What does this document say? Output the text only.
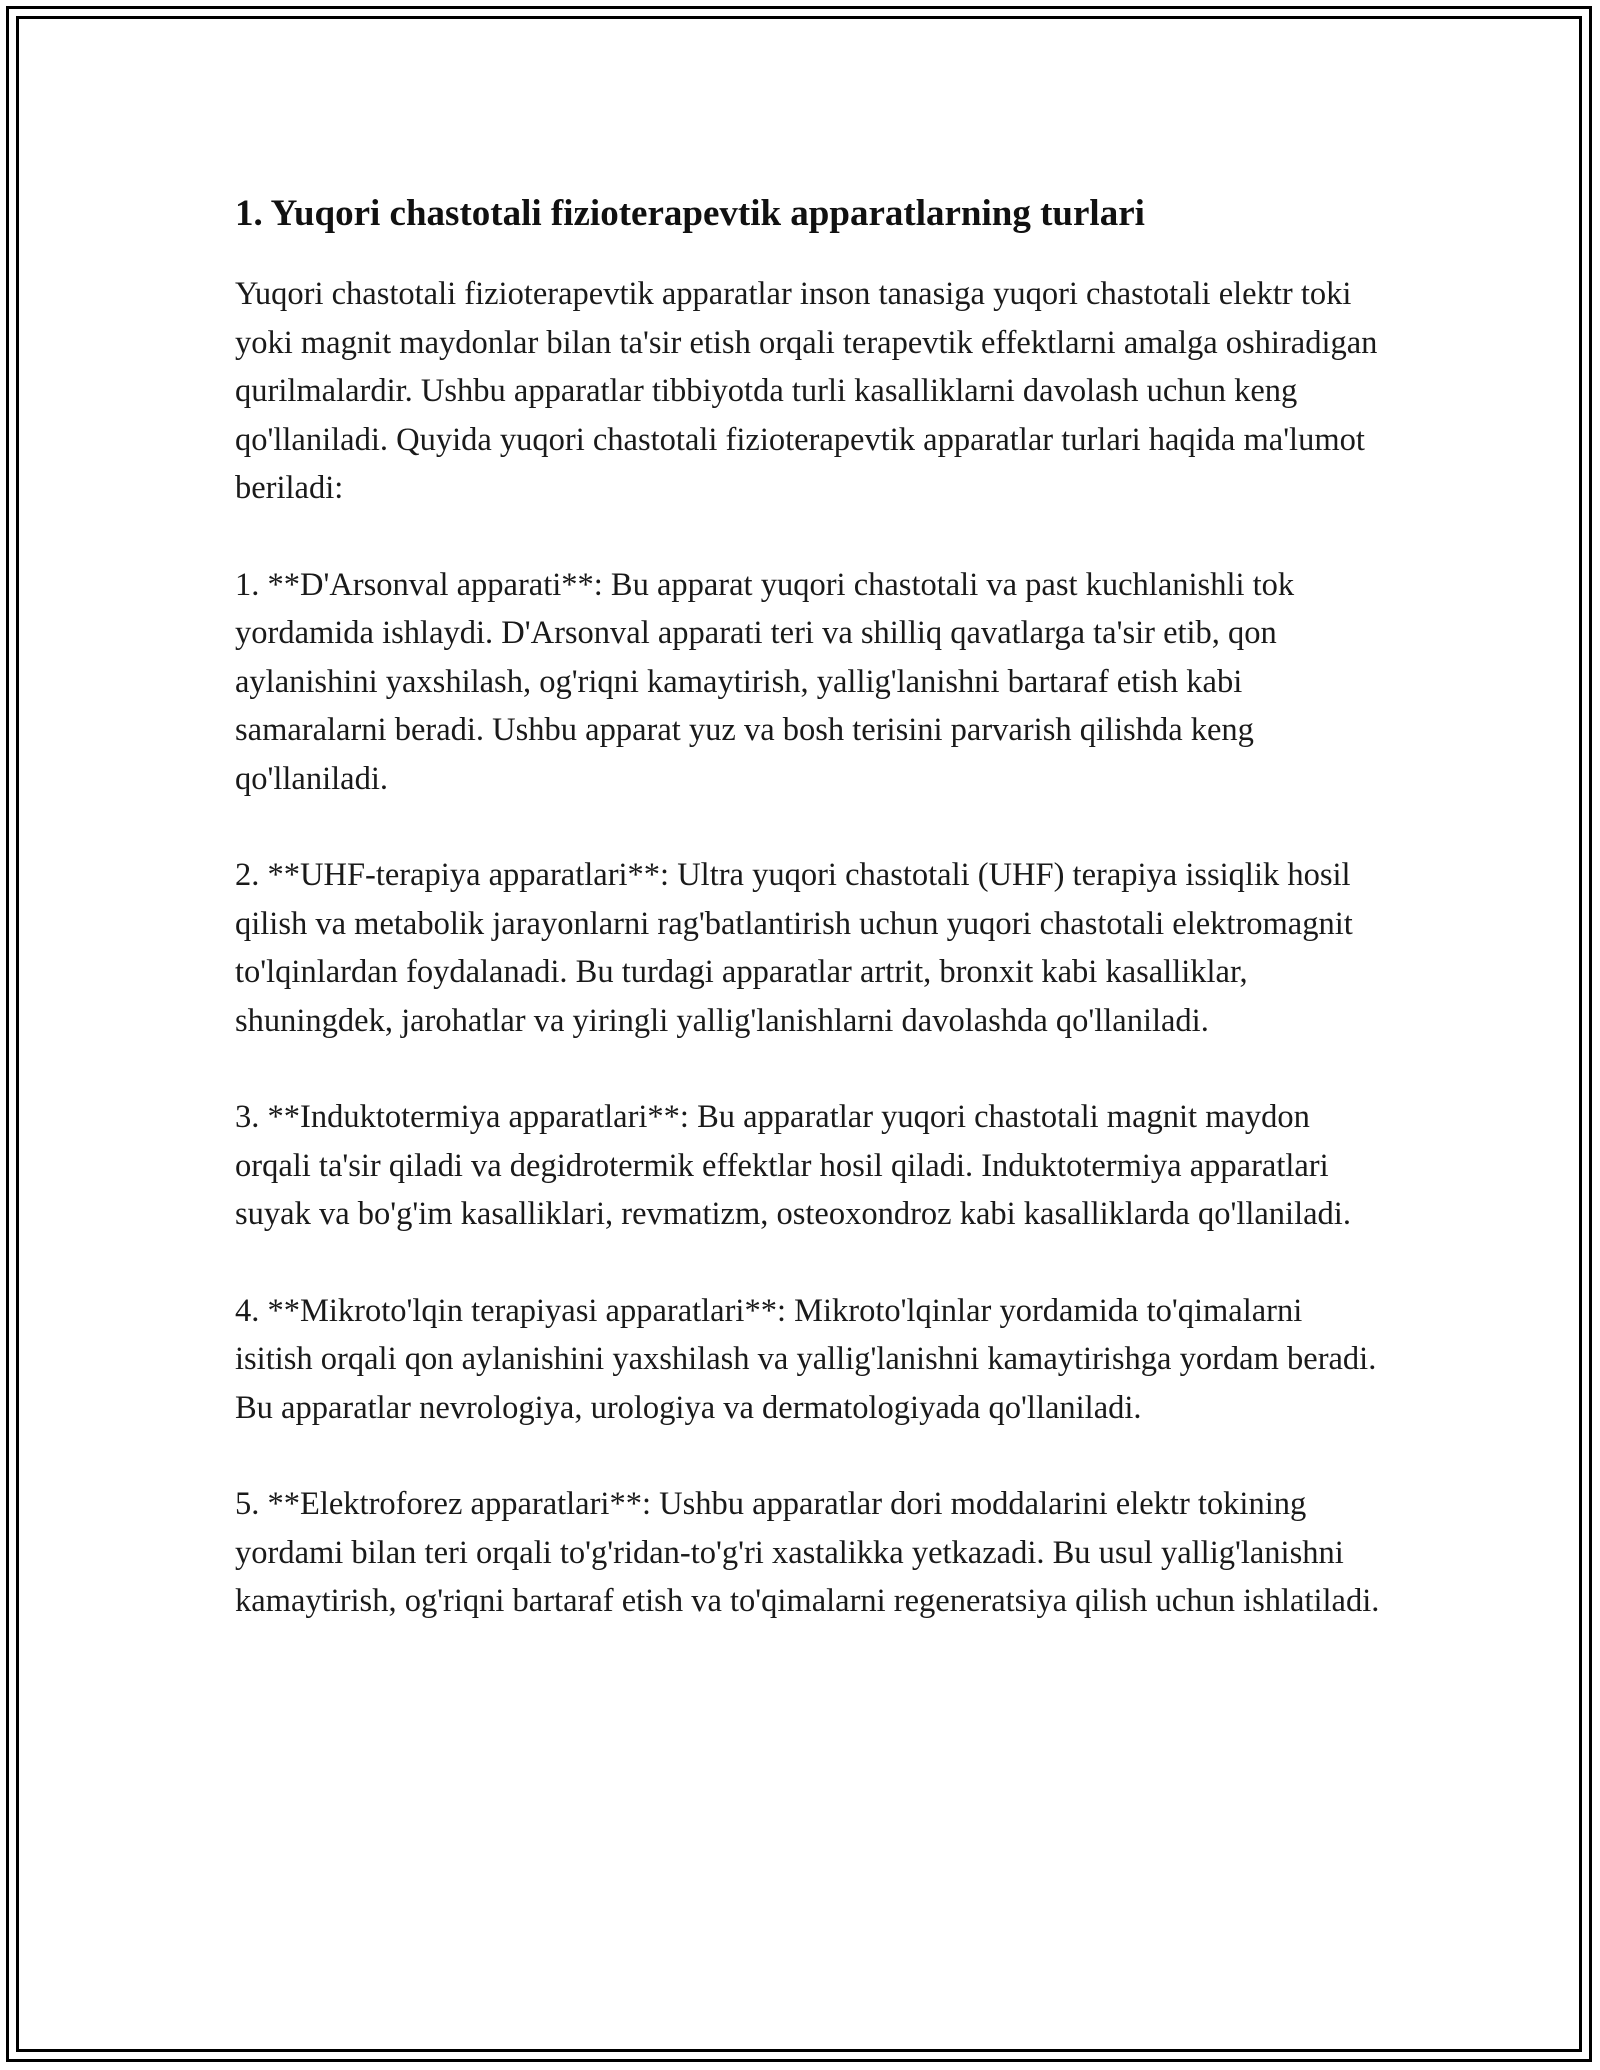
1. Yuqori chastotali fizioterapevtik apparatlarning turlari

Yuqori chastotali fizioterapevtik apparatlar inson tanasiga yuqori chastotali elektr toki yoki magnit maydonlar bilan ta'sir etish orqali terapevtik effektlarni amalga oshiradigan qurilmalardir. Ushbu apparatlar tibbiyotda turli kasalliklarni davolash uchun keng qo'llaniladi. Quyida yuqori chastotali fizioterapevtik apparatlar turlari haqida ma'lumot beriladi:

1. **D'Arsonval apparati**: Bu apparat yuqori chastotali va past kuchlanishli tok yordamida ishlaydi. D'Arsonval apparati teri va shilliq qavatlarga ta'sir etib, qon aylanishini yaxshilash, og'riqni kamaytirish, yallig'lanishni bartaraf etish kabi samaralarni beradi. Ushbu apparat yuz va bosh terisini parvarish qilishda keng qo'llaniladi.

2. **UHF-terapiya apparatlari**: Ultra yuqori chastotali (UHF) terapiya issiqlik hosil qilish va metabolik jarayonlarni rag'batlantirish uchun yuqori chastotali elektromagnit to'lqinlardan foydalanadi. Bu turdagi apparatlar artrit, bronxit kabi kasalliklar, shuningdek, jarohatlar va yiringli yallig'lanishlarni davolashda qo'llaniladi.

3. **Induktotermiya apparatlari**: Bu apparatlar yuqori chastotali magnit maydon orqali ta'sir qiladi va degidrotermik effektlar hosil qiladi. Induktotermiya apparatlari suyak va bo'g'im kasalliklari, revmatizm, osteoxondroz kabi kasalliklarda qo'llaniladi.

4. **Mikroto'lqin terapiyasi apparatlari**: Mikroto'lqinlar yordamida to'qimalarni isitish orqali qon aylanishini yaxshilash va yallig'lanishni kamaytirishga yordam beradi. Bu apparatlar nevrologiya, urologiya va dermatologiyada qo'llaniladi.

5. **Elektroforez apparatlari**: Ushbu apparatlar dori moddalarini elektr tokining yordami bilan teri orqali to'g'ridan-to'g'ri xastalikka yetkazadi. Bu usul yallig'lanishni kamaytirish, og'riqni bartaraf etish va to'qimalarni regeneratsiya qilish uchun ishlatiladi.
